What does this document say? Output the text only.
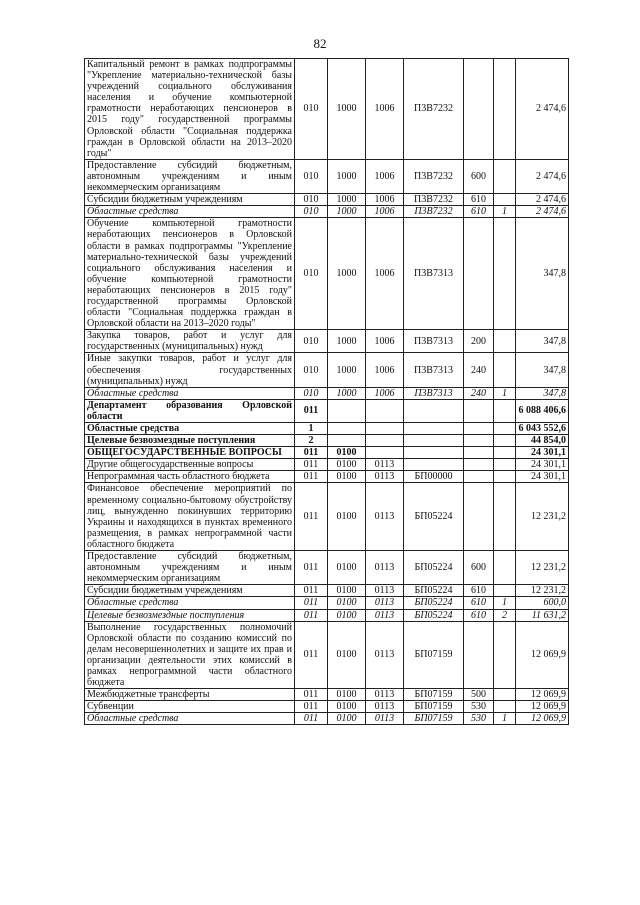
82
Капитальный ремонт в рамках подпрограммы "Укрепление материально-технической базы учреждений социального обслуживания населения и обучение компьютерной грамотности неработающих пенсионеров в 2015 году" государственной программы Орловской области "Социальная поддержка граждан в Орловской области на 2013–2020 годы"	010	1000	1006	П3В7232			2 474,6
Предоставление субсидий бюджетным, автономным учреждениям и иным некоммерческим организациям	010	1000	1006	П3В7232	600		2 474,6
Субсидии бюджетным учреждениям	010	1000	1006	П3В7232	610		2 474,6
Областные средства	010	1000	1006	П3В7232	610	1	2 474,6
Обучение компьютерной грамотности неработающих пенсионеров в Орловской области в рамках подпрограммы "Укрепление материально-технической базы учреждений социального обслуживания населения и обучение компьютерной грамотности неработающих пенсионеров в 2015 году" государственной программы Орловской области "Социальная поддержка граждан в Орловской области на 2013–2020 годы"	010	1000	1006	П3В7313			347,8
Закупка товаров, работ и услуг для государственных (муниципальных) нужд	010	1000	1006	П3В7313	200		347,8
Иные закупки товаров, работ и услуг для обеспечения государственных (муниципальных) нужд	010	1000	1006	П3В7313	240		347,8
Областные средства	010	1000	1006	П3В7313	240	1	347,8
Департамент образования Орловской области	011						6 088 406,6
Областные средства	1						6 043 552,6
Целевые безвозмездные поступления	2						44 854,0
ОБЩЕГОСУДАРСТВЕННЫЕ ВОПРОСЫ	011	0100					24 301,1
Другие общегосударственные вопросы	011	0100	0113				24 301,1
Непрограммная часть областного бюджета	011	0100	0113	БП00000			24 301,1
Финансовое обеспечение мероприятий по временному социально-бытовому обустройству лиц, вынужденно покинувших территорию Украины и находящихся в пунктах временного размещения, в рамках непрограммной части областного бюджета	011	0100	0113	БП05224			12 231,2
Предоставление субсидий бюджетным, автономным учреждениям и иным некоммерческим организациям	011	0100	0113	БП05224	600		12 231,2
Субсидии бюджетным учреждениям	011	0100	0113	БП05224	610		12 231,2
Областные средства	011	0100	0113	БП05224	610	1	600,0
Целевые безвозмездные поступления	011	0100	0113	БП05224	610	2	11 631,2
Выполнение государственных полномочий Орловской области по созданию комиссий по делам несовершеннолетних и защите их прав и организации деятельности этих комиссий в рамках непрограммной части областного бюджета	011	0100	0113	БП07159			12 069,9
Межбюджетные трансферты	011	0100	0113	БП07159	500		12 069,9
Субвенции	011	0100	0113	БП07159	530		12 069,9
Областные средства	011	0100	0113	БП07159	530	1	12 069,9
